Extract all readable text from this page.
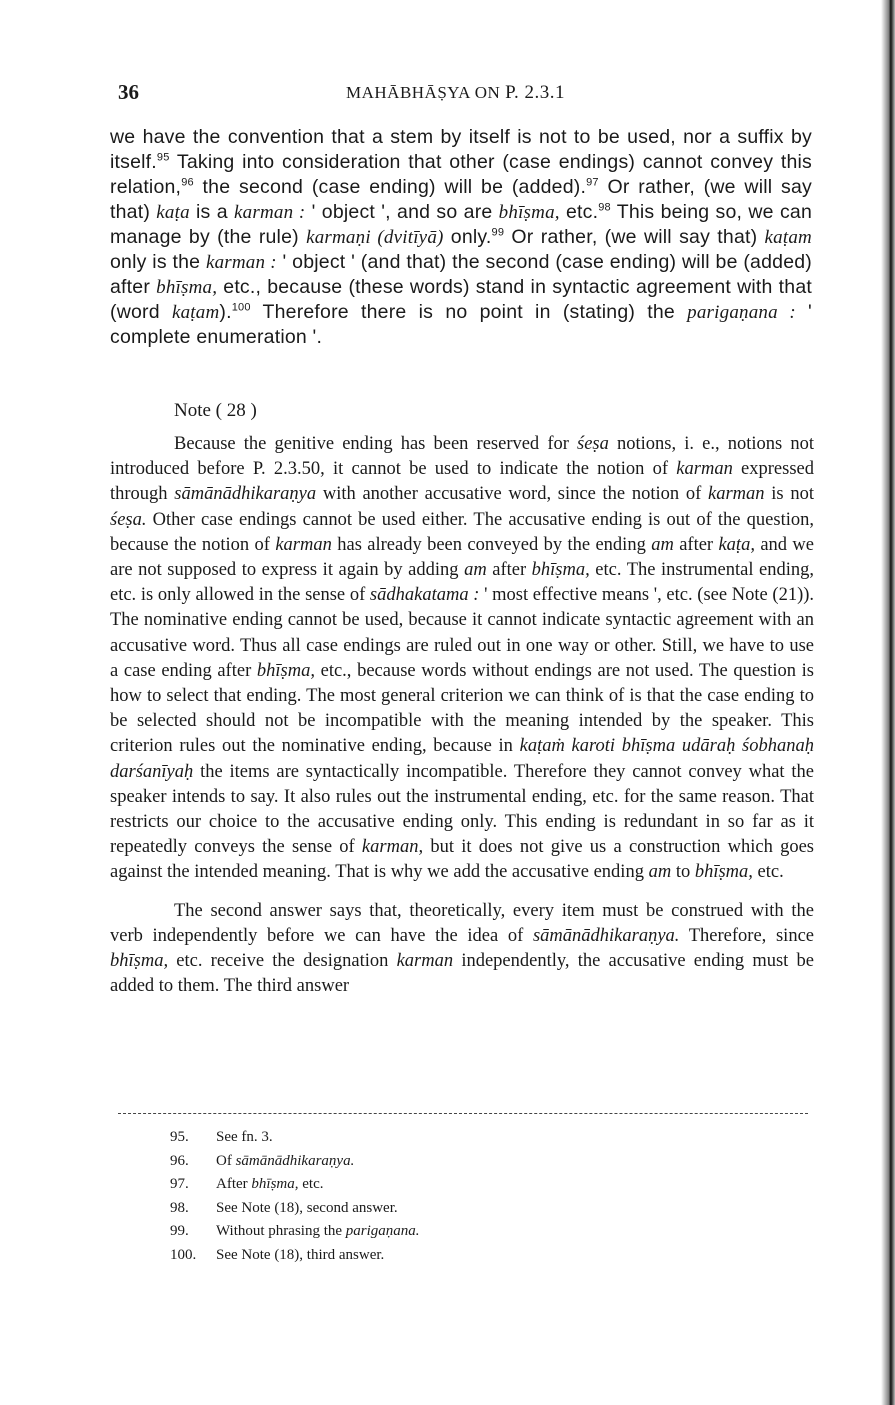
36	MAHĀBHĀṢYA ON P. 2.3.1
we have the convention that a stem by itself is not to be used, nor a suffix by itself.$^{95}$ Taking into consideration that other (case endings) cannot convey this relation,$^{96}$ the second (case ending) will be (added).$^{97}$ Or rather, (we will say that) kaṭa is a karman : ' object ', and so are bhīṣma, etc.$^{98}$ This being so, we can manage by (the rule) karmaṇi (dvitīyā) only.$^{99}$ Or rather, (we will say that) kaṭam only is the karman : ' object ' (and that) the second (case ending) will be (added) after bhīṣma, etc., because (these words) stand in syntactic agreement with that (word kaṭam).$^{100}$ Therefore there is no point in (stating) the parigaṇana : ' complete enumeration '.
Note ( 28 )

Because the genitive ending has been reserved for śeṣa notions, i. e., notions not introduced before P. 2.3.50, it cannot be used to indicate the notion of karman expressed through sāmānādhikaraṇya with another accusative word, since the notion of karman is not śeṣa. Other case endings cannot be used either. The accusative ending is out of the question, because the notion of karman has already been conveyed by the ending am after kaṭa, and we are not supposed to express it again by adding am after bhīṣma, etc. The instrumental ending, etc. is only allowed in the sense of sādhakatama : ' most effective means ', etc. (see Note (21)). The nominative ending cannot be used, because it cannot indicate syntactic agreement with an accusative word. Thus all case endings are ruled out in one way or other. Still, we have to use a case ending after bhīṣma, etc., because words without endings are not used. The question is how to select that ending. The most general criterion we can think of is that the case ending to be selected should not be incompatible with the meaning intended by the speaker. This criterion rules out the nominative ending, because in kaṭaṁ karoti bhīṣma udāraḥ śobhanaḥ darśanīyaḥ the items are syntactically incompatible. Therefore they cannot convey what the speaker intends to say. It also rules out the instrumental ending, etc. for the same reason. That restricts our choice to the accusative ending only. This ending is redundant in so far as it repeatedly conveys the sense of karman, but it does not give us a construction which goes against the intended meaning. That is why we add the accusative ending am to bhīṣma, etc.

The second answer says that, theoretically, every item must be construed with the verb independently before we can have the idea of sāmānādhikaraṇya. Therefore, since bhīṣma, etc. receive the designation karman independently, the accusative ending must be added to them. The third answer

95.	See fn. 3.
96.	Of sāmānādhikaraṇya.
97.	After bhīṣma, etc.
98.	See Note (18), second answer.
99.	Without phrasing the parigaṇana.
100.	See Note (18), third answer.
